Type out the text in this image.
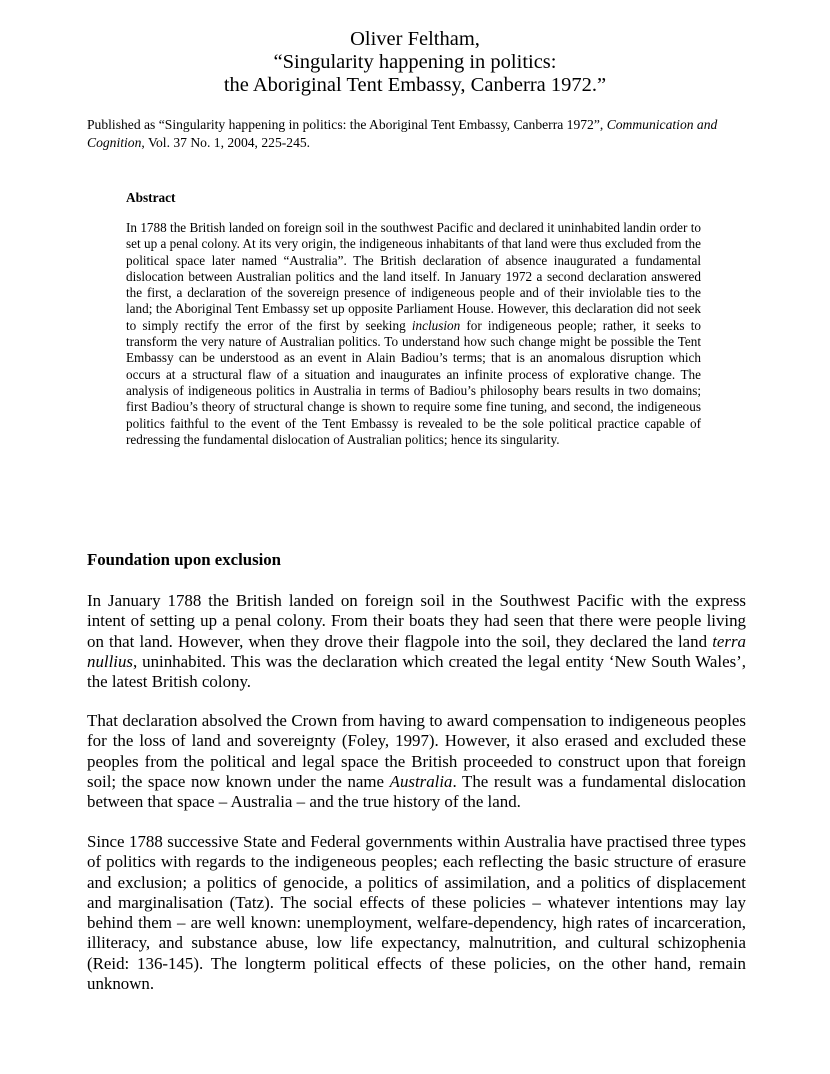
Oliver Feltham,
“Singularity happening in politics:
the Aboriginal Tent Embassy, Canberra 1972.”

Published as “Singularity happening in politics: the Aboriginal Tent Embassy, Canberra 1972”, Communication and Cognition, Vol. 37 No. 1, 2004, 225-245.

Abstract

In 1788 the British landed on foreign soil in the southwest Pacific and declared it uninhabited landin order to set up a penal colony. At its very origin, the indigeneous inhabitants of that land were thus excluded from the political space later named “Australia”. The British declaration of absence inaugurated a fundamental dislocation between Australian politics and the land itself. In January 1972 a second declaration answered the first, a declaration of the sovereign presence of indigeneous people and of their inviolable ties to the land; the Aboriginal Tent Embassy set up opposite Parliament House. However, this declaration did not seek to simply rectify the error of the first by seeking inclusion for indigeneous people; rather, it seeks to transform the very nature of Australian politics. To understand how such change might be possible the Tent Embassy can be understood as an event in Alain Badiou’s terms; that is an anomalous disruption which occurs at a structural flaw of a situation and inaugurates an infinite process of explorative change. The analysis of indigeneous politics in Australia in terms of Badiou’s philosophy bears results in two domains; first Badiou’s theory of structural change is shown to require some fine tuning, and second, the indigeneous politics faithful to the event of the Tent Embassy is revealed to be the sole political practice capable of redressing the fundamental dislocation of Australian politics; hence its singularity.

Foundation upon exclusion

In January 1788 the British landed on foreign soil in the Southwest Pacific with the express intent of setting up a penal colony. From their boats they had seen that there were people living on that land. However, when they drove their flagpole into the soil, they declared the land terra nullius, uninhabited. This was the declaration which created the legal entity ‘New South Wales’, the latest British colony.

That declaration absolved the Crown from having to award compensation to indigeneous peoples for the loss of land and sovereignty (Foley, 1997). However, it also erased and excluded these peoples from the political and legal space the British proceeded to construct upon that foreign soil; the space now known under the name Australia. The result was a fundamental dislocation between that space – Australia – and the true history of the land.

Since 1788 successive State and Federal governments within Australia have practised three types of politics with regards to the indigeneous peoples; each reflecting the basic structure of erasure and exclusion; a politics of genocide, a politics of assimilation, and a politics of displacement and marginalisation (Tatz). The social effects of these policies – whatever intentions may lay behind them – are well known: unemployment, welfare-dependency, high rates of incarceration, illiteracy, and substance abuse, low life expectancy, malnutrition, and cultural schizophenia (Reid: 136-145). The longterm political effects of these policies, on the other hand, remain unknown.
